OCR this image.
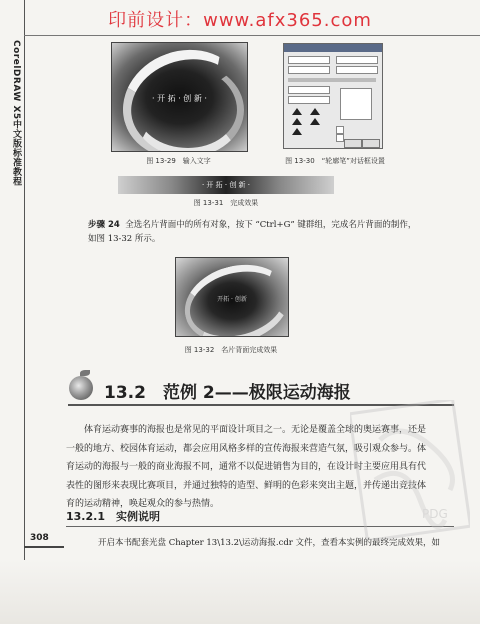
印前设计：www.afx365.com
CorelDRAW X5中文版标准教程	· 开 拓 · 创 新 ·
图 13-29　输入文字	图 13-30　“轮廓笔”对话框设置
· 开 拓 · 创 新 ·
图 13-31　完成效果
步骤 24 全选名片背面中的所有对象，按下 “Ctrl+G” 键群组，完成名片背面的制作，
如图 13-32 所示。
开拓 · 创新
图 13-32　名片背面完成效果
13.2　范例 2——极限运动海报
体育运动赛事的海报也是常见的平面设计项目之一。无论是覆盖全球的奥运赛事，还是
一般的地方、校园体育运动，都会应用风格多样的宣传海报来营造气氛，吸引观众参与。体
育运动的海报与一般的商业海报不同，通常不以促进销售为目的，在设计时主要应用具有代
表性的图形来表现比赛项目，并通过独特的造型、鲜明的色彩来突出主题，并传递出竞技体
育的运动精神，唤起观众的参与热情。
13.2.1　实例说明
308	开启本书配套光盘 Chapter 13\13.2\运动海报.cdr 文件，查看本实例的最终完成效果，如
PDG
